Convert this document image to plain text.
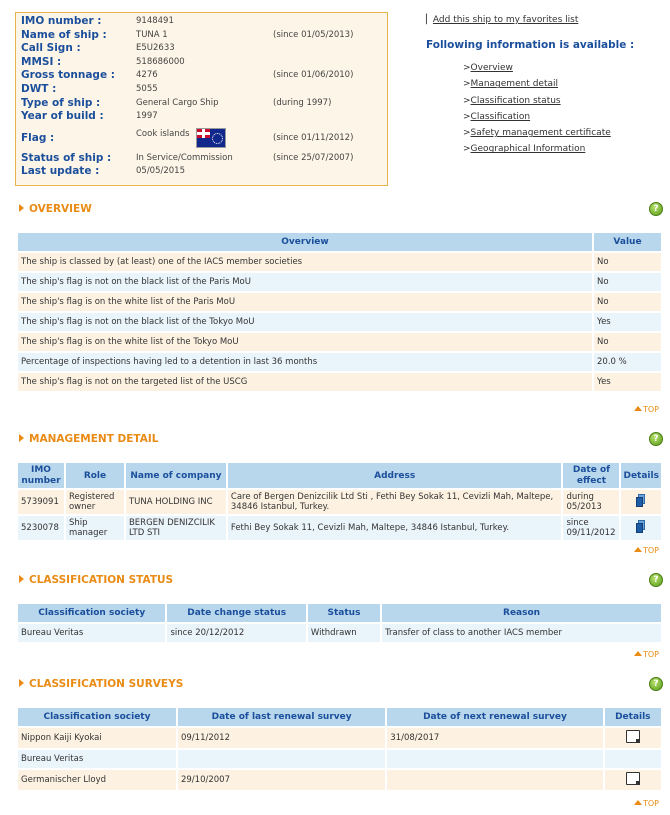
IMO number :	9148491	
Name of ship :	TUNA 1	(since 01/05/2013)
Call Sign :	E5U2633	
MMSI :	518686000	
Gross tonnage :	4276	(since 01/06/2010)
DWT :	5055	
Type of ship :	General Cargo Ship	(during 1997)
Year of build :	1997	
Flag :	Cook islands	(since 01/11/2012)
Status of ship :	In Service/Commission	(since 25/07/2007)
Last update :	05/05/2015	
▏Add this ship to my favorites list
Following information is available :
>Overview
>Management detail
>Classification status
>Classification
>Safety management certificate
>Geographical Information
OVERVIEW	?
Overview	Value
The ship is classed by (at least) one of the IACS member societies	No
The ship's flag is not on the black list of the Paris MoU	No
The ship's flag is on the white list of the Paris MoU	No
The ship's flag is not on the black list of the Tokyo MoU	Yes
The ship's flag is on the white list of the Tokyo MoU	No
Percentage of inspections having led to a detention in last 36 months	20.0 %
The ship's flag is not on the targeted list of the USCG	Yes
TOP
MANAGEMENT DETAIL	?
IMO number	Role	Name of company	Address	Date of effect	Details
5739091	Registered owner	TUNA HOLDING INC	Care of Bergen Denizcilik Ltd Sti , Fethi Bey Sokak 11, Cevizli Mah, Maltepe, 34846 Istanbul, Turkey.	during 05/2013	

5230078	Ship manager	BERGEN DENIZCILIK LTD STI	Fethi Bey Sokak 11, Cevizli Mah, Maltepe, 34846 Istanbul, Turkey.	since 09/11/2012	
TOP
CLASSIFICATION STATUS	?
Classification society	Date change status	Status	Reason
Bureau Veritas	since 20/12/2012	Withdrawn	Transfer of class to another IACS member
TOP
CLASSIFICATION SURVEYS	?
Classification society	Date of last renewal survey	Date of next renewal survey	Details
Nippon Kaiji Kyokai	09/11/2012	31/08/2017	
Bureau Veritas			
Germanischer Lloyd	29/10/2007		
TOP
